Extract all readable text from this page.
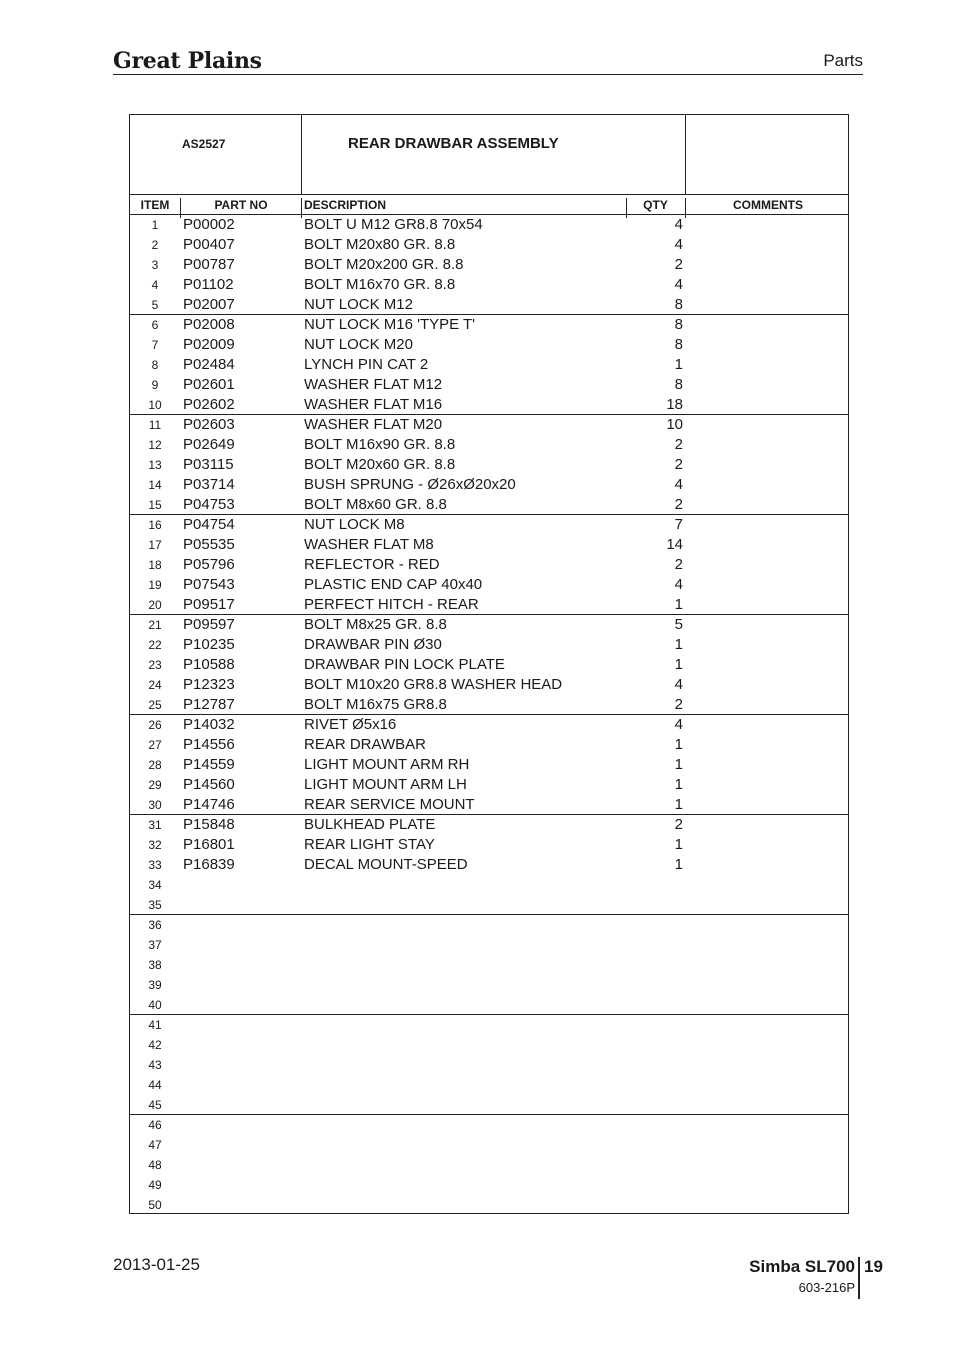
Great Plains	Parts
AS2527	REAR DRAWBAR ASSEMBLY
ITEM	PART NO	DESCRIPTION	QTY	COMMENTS
1	P00002	BOLT U M12 GR8.8 70x54	4
2	P00407	BOLT M20x80 GR. 8.8	4
3	P00787	BOLT M20x200 GR. 8.8	2
4	P01102	BOLT M16x70 GR. 8.8	4
5	P02007	NUT LOCK M12	8
6	P02008	NUT LOCK M16 'TYPE T'	8
7	P02009	NUT LOCK M20	8
8	P02484	LYNCH PIN CAT 2	1
9	P02601	WASHER FLAT M12	8
10	P02602	WASHER FLAT M16	18
11	P02603	WASHER FLAT M20	10
12	P02649	BOLT M16x90 GR. 8.8	2
13	P03115	BOLT M20x60 GR. 8.8	2
14	P03714	BUSH SPRUNG - Ø26xØ20x20	4
15	P04753	BOLT M8x60 GR. 8.8	2
16	P04754	NUT LOCK M8	7
17	P05535	WASHER FLAT M8	14
18	P05796	REFLECTOR - RED	2
19	P07543	PLASTIC END CAP 40x40	4
20	P09517	PERFECT HITCH - REAR	1
21	P09597	BOLT M8x25 GR. 8.8	5
22	P10235	DRAWBAR PIN Ø30	1
23	P10588	DRAWBAR PIN LOCK PLATE	1
24	P12323	BOLT M10x20 GR8.8 WASHER HEAD	4
25	P12787	BOLT M16x75 GR8.8	2
26	P14032	RIVET Ø5x16	4
27	P14556	REAR DRAWBAR	1
28	P14559	LIGHT MOUNT ARM RH	1
29	P14560	LIGHT MOUNT ARM LH	1
30	P14746	REAR SERVICE MOUNT	1
31	P15848	BULKHEAD PLATE	2
32	P16801	REAR LIGHT STAY	1
33	P16839	DECAL MOUNT-SPEED	1
34
35
36
37
38
39
40
41
42
43
44
45
46
47
48
49
50
2013-01-25	Simba SL700 19
603-216P
